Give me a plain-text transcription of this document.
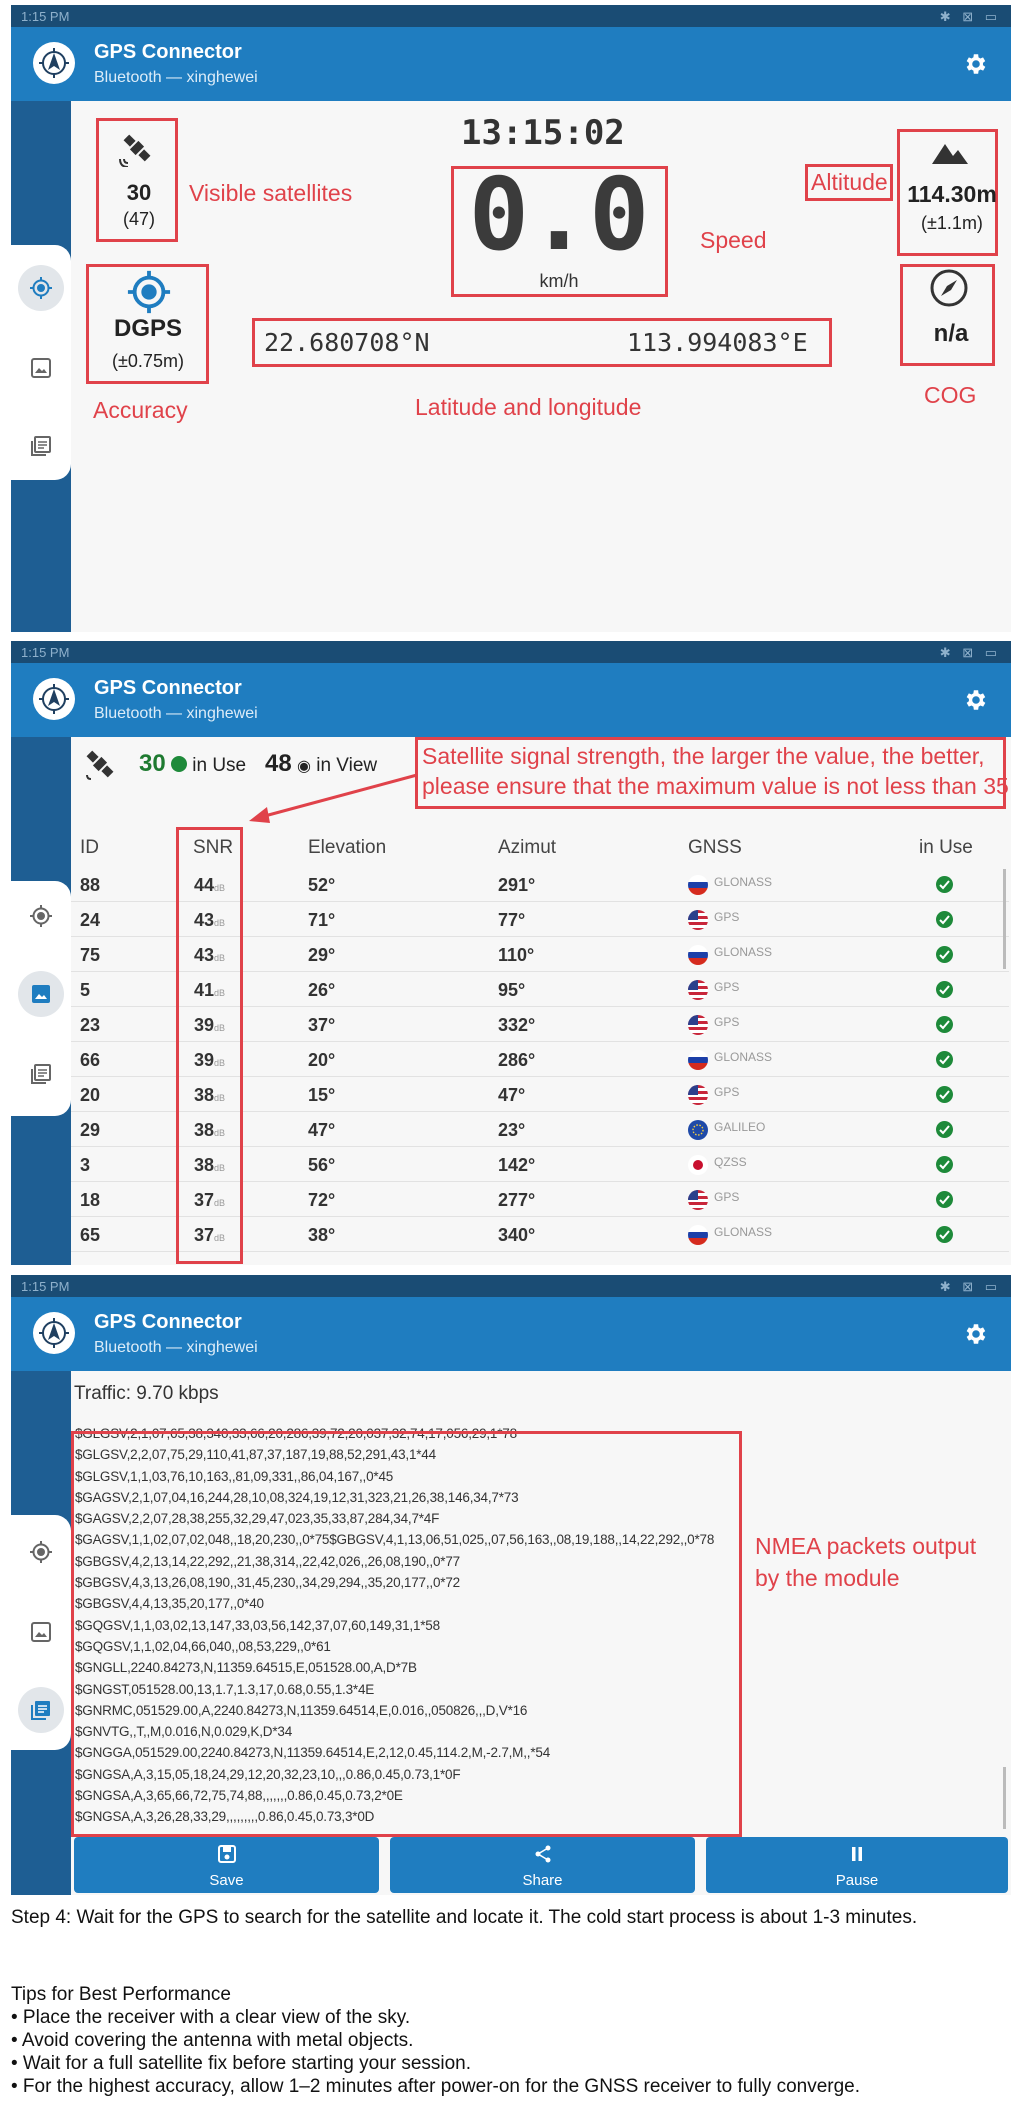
1:15 PM	✱ ⊠ ▭
GPS Connector
Bluetooth — xinghewei
13:15:02
30
(47)
Visible satellites 0.0
km/h
Speed
Altitude 114.30m
(±1.1m)
DGPS
(±0.75m)
Accuracy
22.680708°N	113.994083°E
Latitude and longitude
n/a
COG
1:15 PM	✱ ⊠ ▭
GPS Connector
Bluetooth — xinghewei
30 in Use 48 ◉ in View Satellite signal strength, the larger the value, the better,
please ensure that the maximum value is not less than 35
ID	SNR	Elevation	Azimut	GNSS	in Use
88	44dB	52°	291°	GLONASS
24	43dB	71°	77°	GPS
75	43dB	29°	110°	GLONASS
5	41dB	26°	95°	GPS
23	39dB	37°	332°	GPS
66	39dB	20°	286°	GLONASS
20	38dB	15°	47°	GPS
29	38dB	47°	23°	GALILEO
3	38dB	56°	142°	QZSS
18	37dB	72°	277°	GPS
65	37dB	38°	340°	GLONASS
1:15 PM	✱ ⊠ ▭
GPS Connector
Bluetooth — xinghewei
Traffic: 9.70 kbps
$GLGSV,2,1,07,65,38,340,33,66,20,286,39,72,20,037,32,74,17,056,29,1*78
$GLGSV,2,2,07,75,29,110,41,87,37,187,19,88,52,291,43,1*44
$GLGSV,1,1,03,76,10,163,,81,09,331,,86,04,167,,0*45
$GAGSV,2,1,07,04,16,244,28,10,08,324,19,12,31,323,21,26,38,146,34,7*73
$GAGSV,2,2,07,28,38,255,32,29,47,023,35,33,87,284,34,7*4F
$GAGSV,1,1,02,07,02,048,,18,20,230,,0*75$GBGSV,4,1,13,06,51,025,,07,56,163,,08,19,188,,14,22,292,,0*78
$GBGSV,4,2,13,14,22,292,,21,38,314,,22,42,026,,26,08,190,,0*77
$GBGSV,4,3,13,26,08,190,,31,45,230,,34,29,294,,35,20,177,,0*72
$GBGSV,4,4,13,35,20,177,,0*40
$GQGSV,1,1,03,02,13,147,33,03,56,142,37,07,60,149,31,1*58
$GQGSV,1,1,02,04,66,040,,08,53,229,,0*61
$GNGLL,2240.84273,N,11359.64515,E,051528.00,A,D*7B
$GNGST,051528.00,13,1.7,1.3,17,0.68,0.55,1.3*4E
$GNRMC,051529.00,A,2240.84273,N,11359.64514,E,0.016,,050826,,,D,V*16
$GNVTG,,T,,M,0.016,N,0.029,K,D*34
$GNGGA,051529.00,2240.84273,N,11359.64514,E,2,12,0.45,114.2,M,-2.7,M,,*54
$GNGSA,A,3,15,05,18,24,29,12,20,32,23,10,,,0.86,0.45,0.73,1*0F
$GNGSA,A,3,65,66,72,75,74,88,,,,,,,0.86,0.45,0.73,2*0E
$GNGSA,A,3,26,28,33,29,,,,,,,,,0.86,0.45,0.73,3*0D
NMEA packets output
by the module
Save	Share	Pause
Step 4: Wait for the GPS to search for the satellite and locate it. The cold start process is about 1-3 minutes.
Tips for Best Performance
• Place the receiver with a clear view of the sky.
• Avoid covering the antenna with metal objects.
• Wait for a full satellite fix before starting your session.
• For the highest accuracy, allow 1–2 minutes after power-on for the GNSS receiver to fully converge.
